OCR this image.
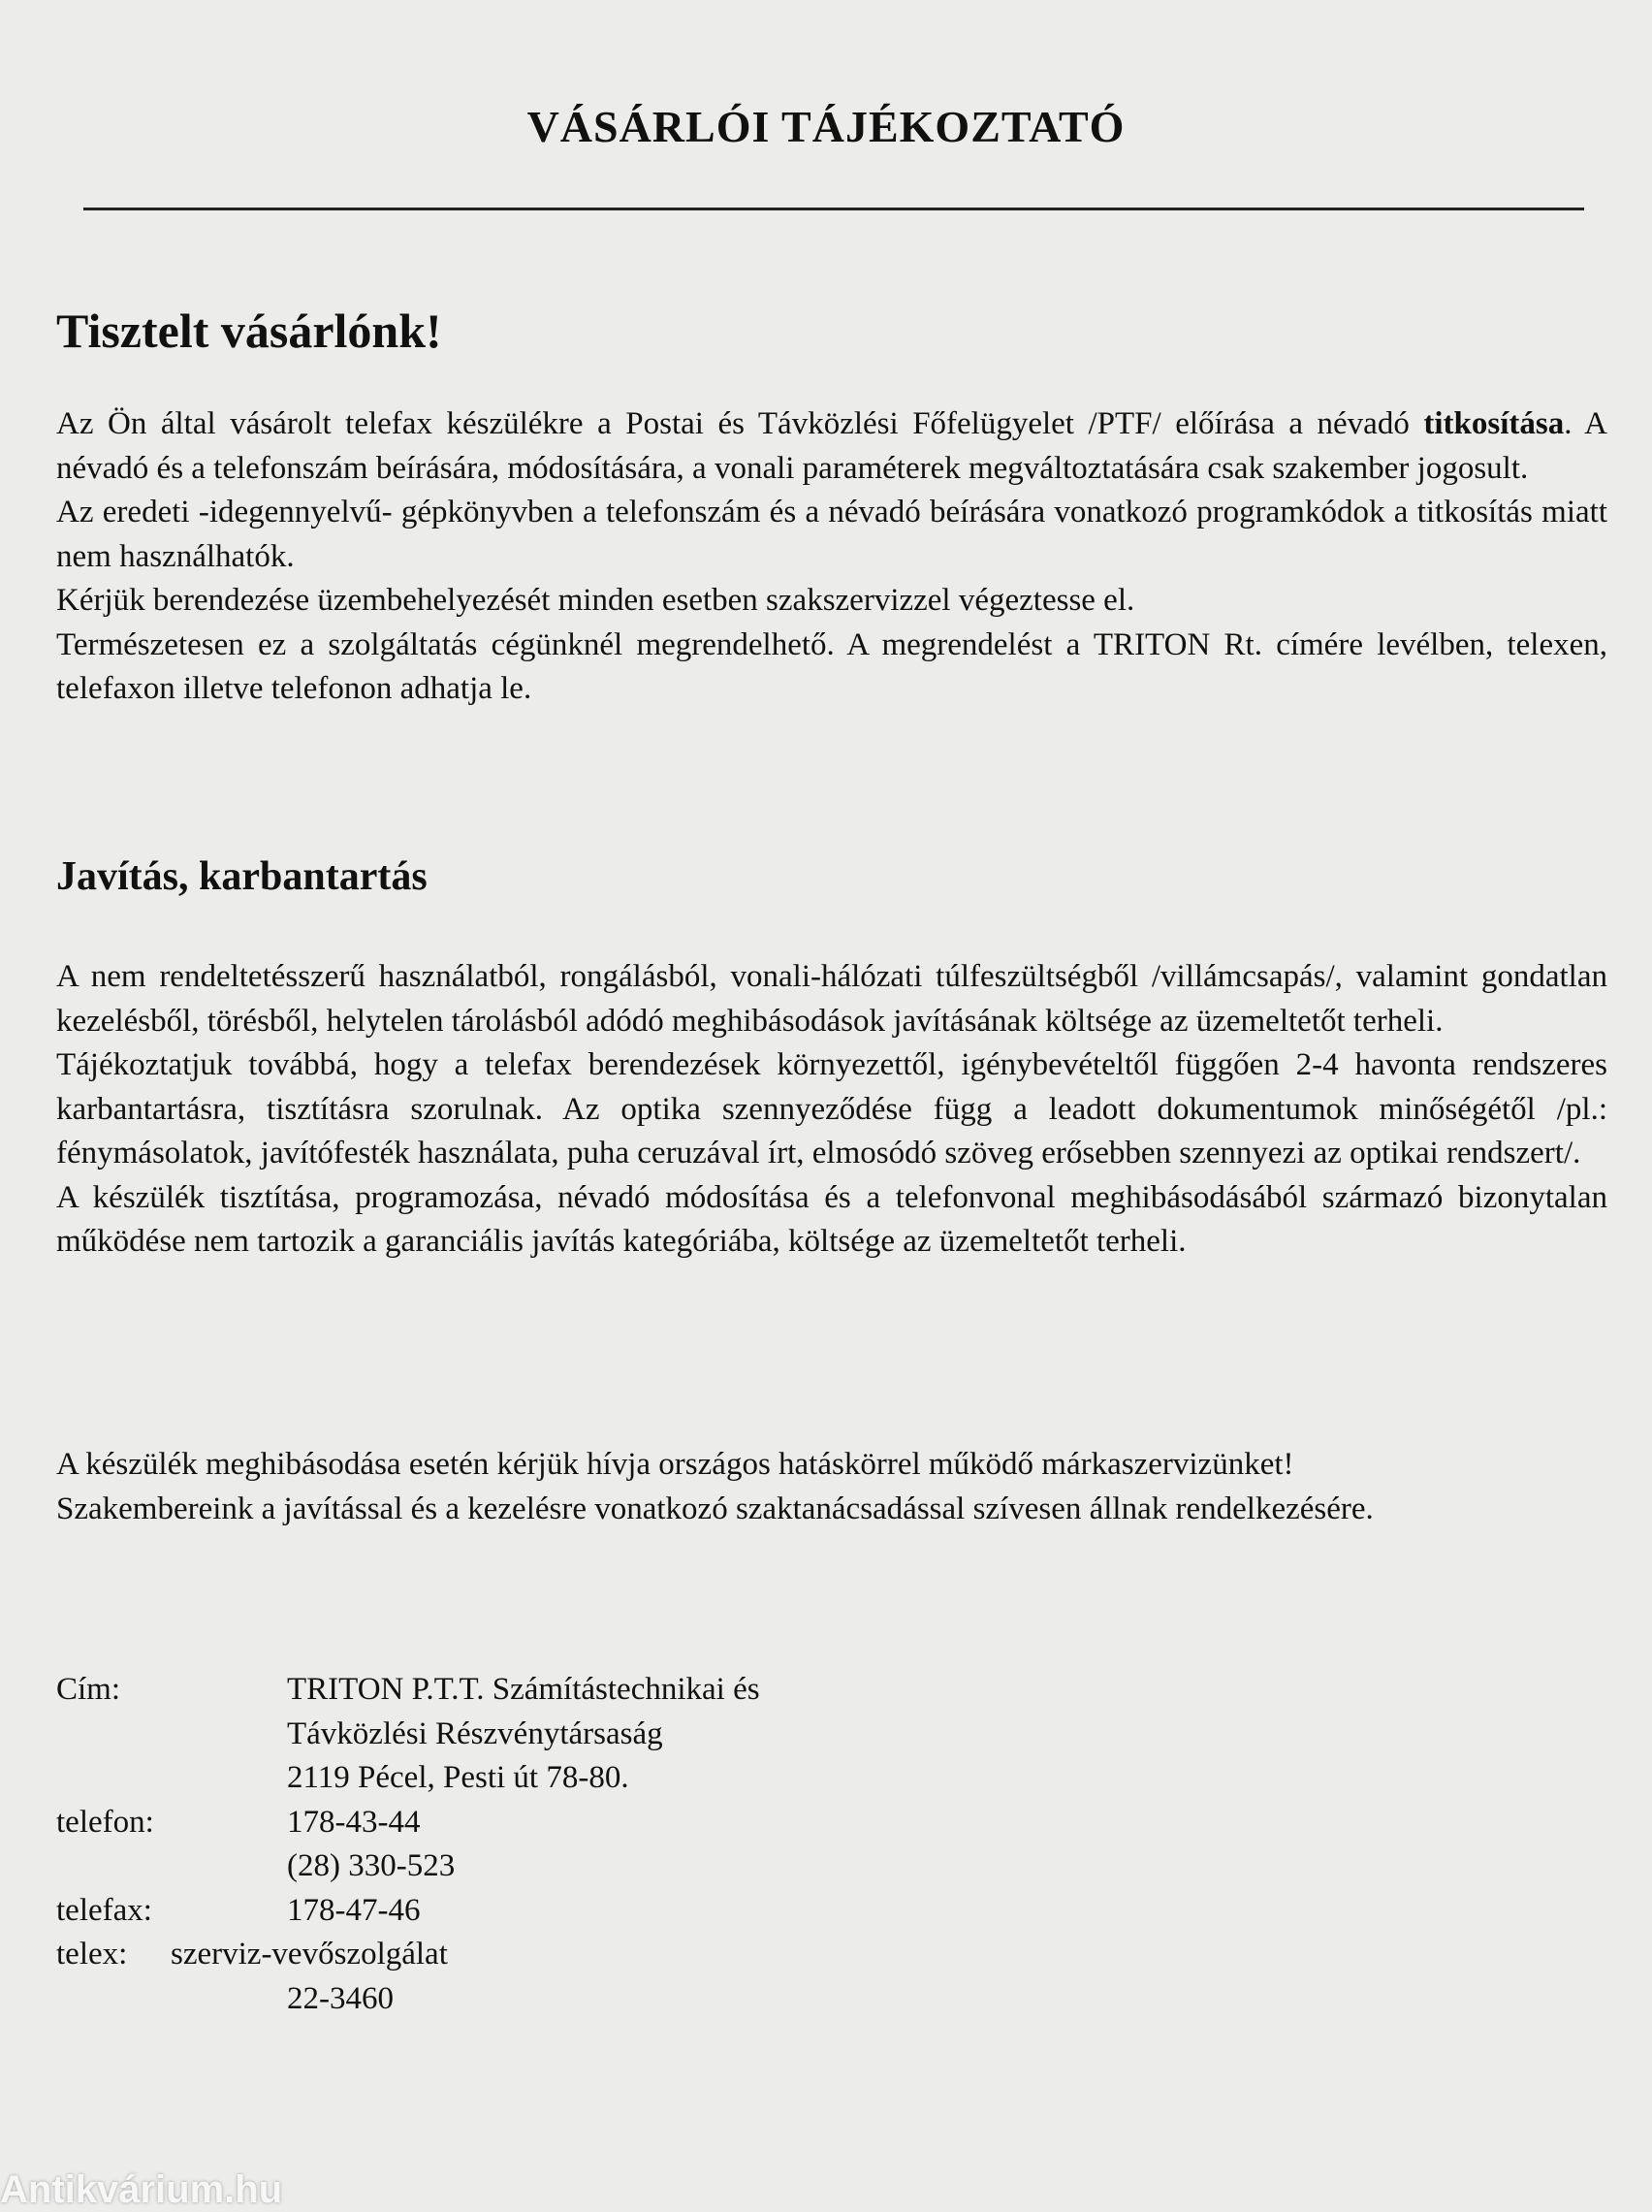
VÁSÁRLÓI TÁJÉKOZTATÓ
Tisztelt vásárlónk!

Az Ön által vásárolt telefax készülékre a Postai és Távközlési Főfelügyelet /PTF/ előírása a névadó titkosítása. A névadó és a telefonszám beírására, módosítására, a vonali paraméterek megváltoztatására csak szakember jogosult.

Az eredeti -idegennyelvű- gépkönyvben a telefonszám és a névadó beírására vonatkozó programkódok a titkosítás miatt nem használhatók.

Kérjük berendezése üzembehelyezését minden esetben szakszervizzel végeztesse el.

Természetesen ez a szolgáltatás cégünknél megrendelhető. A megrendelést a TRITON Rt. címére levélben, telexen, telefaxon illetve telefonon adhatja le.

Javítás, karbantartás

A nem rendeltetésszerű használatból, rongálásból, vonali-hálózati túlfeszültségből /villámcsapás/, valamint gondatlan kezelésből, törésből, helytelen tárolásból adódó meghibásodások javításának költsége az üzemeltetőt terheli.

Tájékoztatjuk továbbá, hogy a telefax berendezések környezettől, igénybevételtől függően 2-4 havonta rendszeres karbantartásra, tisztításra szorulnak. Az optika szennyeződése függ a leadott dokumentumok minőségétől /pl.: fénymásolatok, javítófesték használata, puha ceruzával írt, elmosódó szöveg erősebben szennyezi az optikai rendszert/.

A készülék tisztítása, programozása, névadó módosítása és a telefonvonal meghibásodásából származó bizonytalan működése nem tartozik a garanciális javítás kategóriába, költsége az üzemeltetőt terheli.

A készülék meghibásodása esetén kérjük hívja országos hatáskörrel működő márkaszervizünket!

Szakembereink a javítással és a kezelésre vonatkozó szaktanácsadással szívesen állnak rendelkezésére.

Cím:	TRITON P.T.T. Számítástechnikai és
Távközlési Részvénytársaság
2119 Pécel, Pesti út 78-80.
telefon:	178-43-44
(28) 330-523
telefax:	178-47-46
telex: szerviz-vevőszolgálat
22-3460
Antikvárium.hu
